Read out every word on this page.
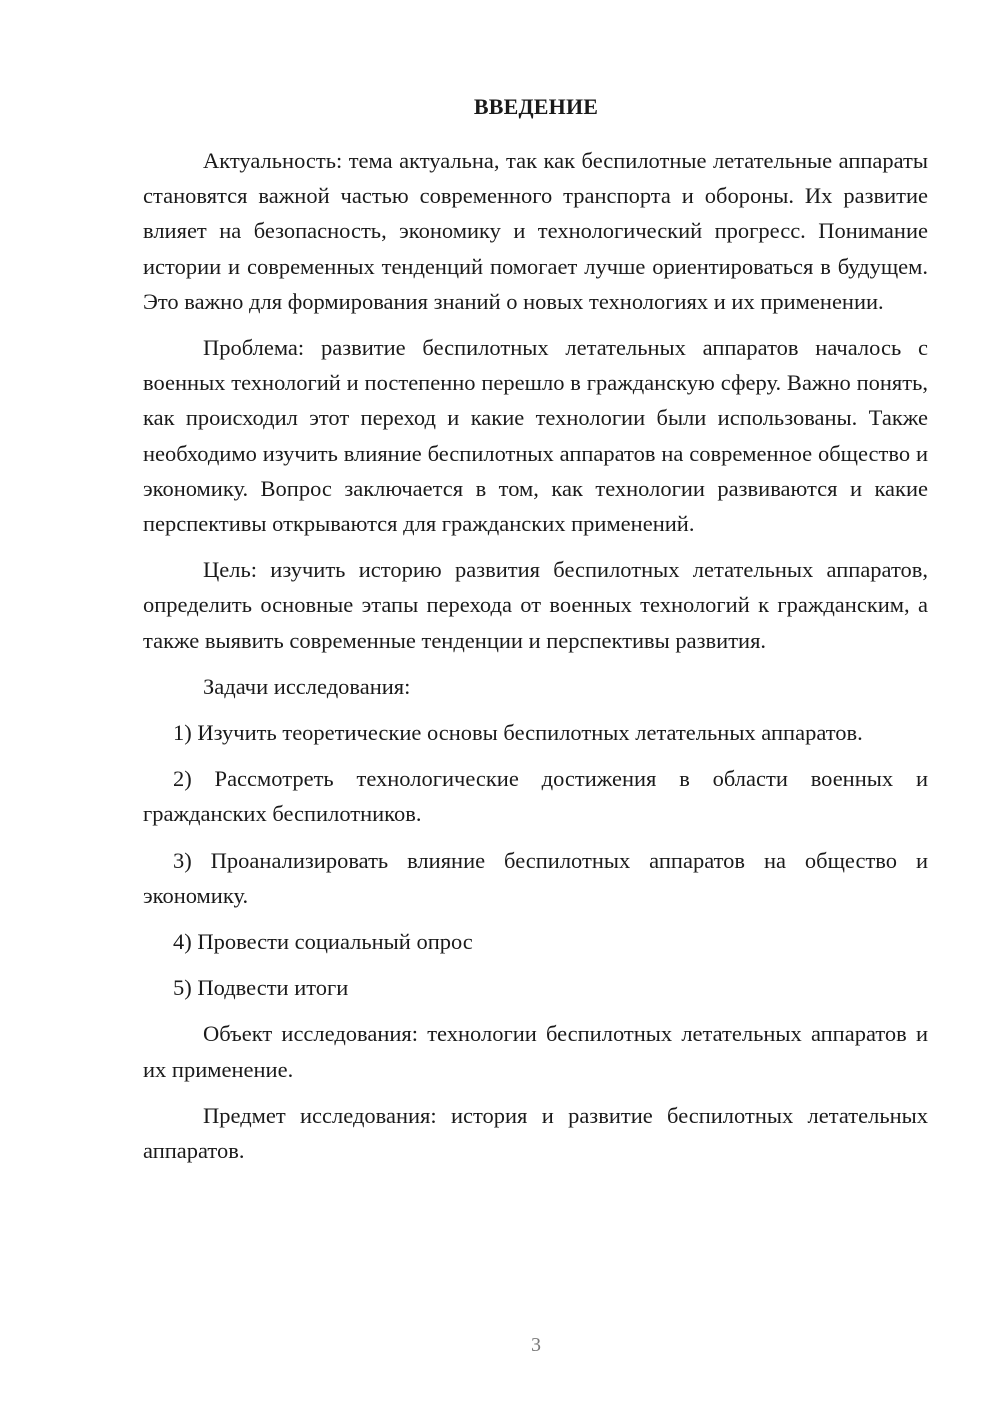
ВВЕДЕНИЕ

Актуальность: тема актуальна, так как беспилотные летательные аппараты становятся важной частью современного транспорта и обороны. Их развитие влияет на безопасность, экономику и технологический прогресс. Понимание истории и современных тенденций помогает лучше ориентироваться в будущем. Это важно для формирования знаний о новых технологиях и их применении.

Проблема: развитие беспилотных летательных аппаратов началось с военных технологий и постепенно перешло в гражданскую сферу. Важно понять, как происходил этот переход и какие технологии были использованы. Также необходимо изучить влияние беспилотных аппаратов на современное общество и экономику. Вопрос заключается в том, как технологии развиваются и какие перспективы открываются для гражданских применений.

Цель: изучить историю развития беспилотных летательных аппаратов, определить основные этапы перехода от военных технологий к гражданским, а также выявить современные тенденции и перспективы развития.

Задачи исследования:

1) Изучить теоретические основы беспилотных летательных аппаратов.

2) Рассмотреть технологические достижения в области военных и гражданских беспилотников.

3) Проанализировать влияние беспилотных аппаратов на общество и экономику.

4) Провести социальный опрос

5) Подвести итоги

Объект исследования: технологии беспилотных летательных аппаратов и их применение.

Предмет исследования: история и развитие беспилотных летательных аппаратов.

3
